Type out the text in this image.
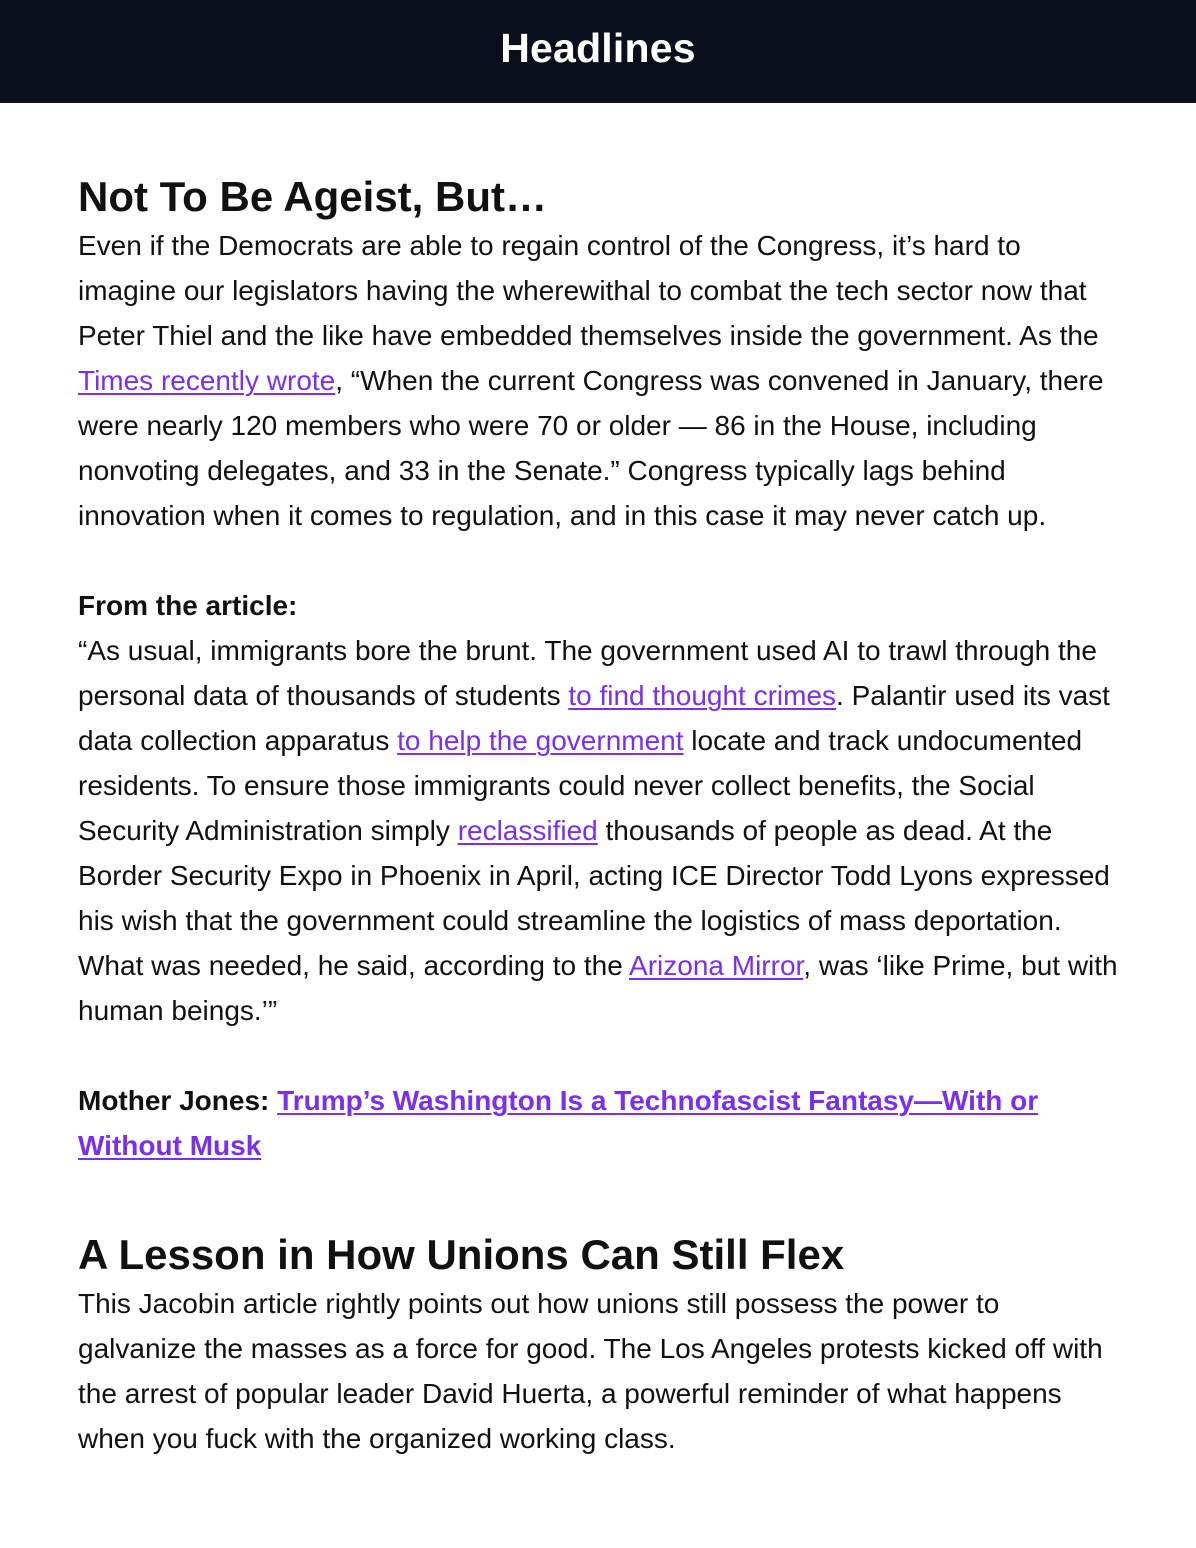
Headlines
Not To Be Ageist, But…

Even if the Democrats are able to regain control of the Congress, it’s hard to imagine our legislators having the wherewithal to combat the tech sector now that Peter Thiel and the like have embedded themselves inside the government. As the Times recently wrote, “When the current Congress was convened in January, there were nearly 120 members who were 70 or older — 86 in the House, including nonvoting delegates, and 33 in the Senate.” Congress typically lags behind innovation when it comes to regulation, and in this case it may never catch up.

From the article:

“As usual, immigrants bore the brunt. The government used AI to trawl through the personal data of thousands of students to find thought crimes. Palantir used its vast data collection apparatus to help the government locate and track undocumented residents. To ensure those immigrants could never collect benefits, the Social Security Administration simply reclassified thousands of people as dead. At the Border Security Expo in Phoenix in April, acting ICE Director Todd Lyons expressed his wish that the government could streamline the logistics of mass deportation. What was needed, he said, according to the Arizona Mirror, was ‘like Prime, but with human beings.’”

Mother Jones: Trump’s Washington Is a Technofascist Fantasy—With or Without Musk

A Lesson in How Unions Can Still Flex

This Jacobin article rightly points out how unions still possess the power to galvanize the masses as a force for good. The Los Angeles protests kicked off with the arrest of popular leader David Huerta, a powerful reminder of what happens when you fuck with the organized working class.
